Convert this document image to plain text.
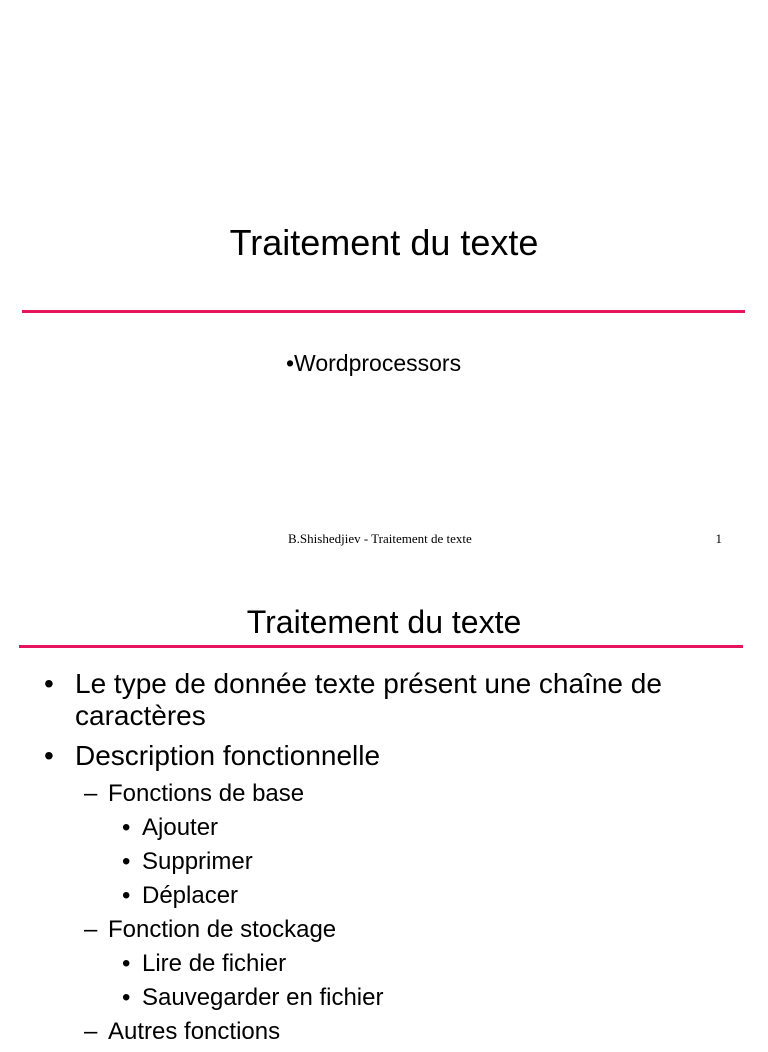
Traitement du texte
•Wordprocessors
B.Shishedjiev - Traitement de texte	1
Traitement du texte
• Le type de donnée texte présent une chaîne de caractères
• Description fonctionnelle
– Fonctions de base
• Ajouter
• Supprimer
• Déplacer
– Fonction de stockage
• Lire de fichier
• Sauvegarder en fichier
– Autres fonctions
